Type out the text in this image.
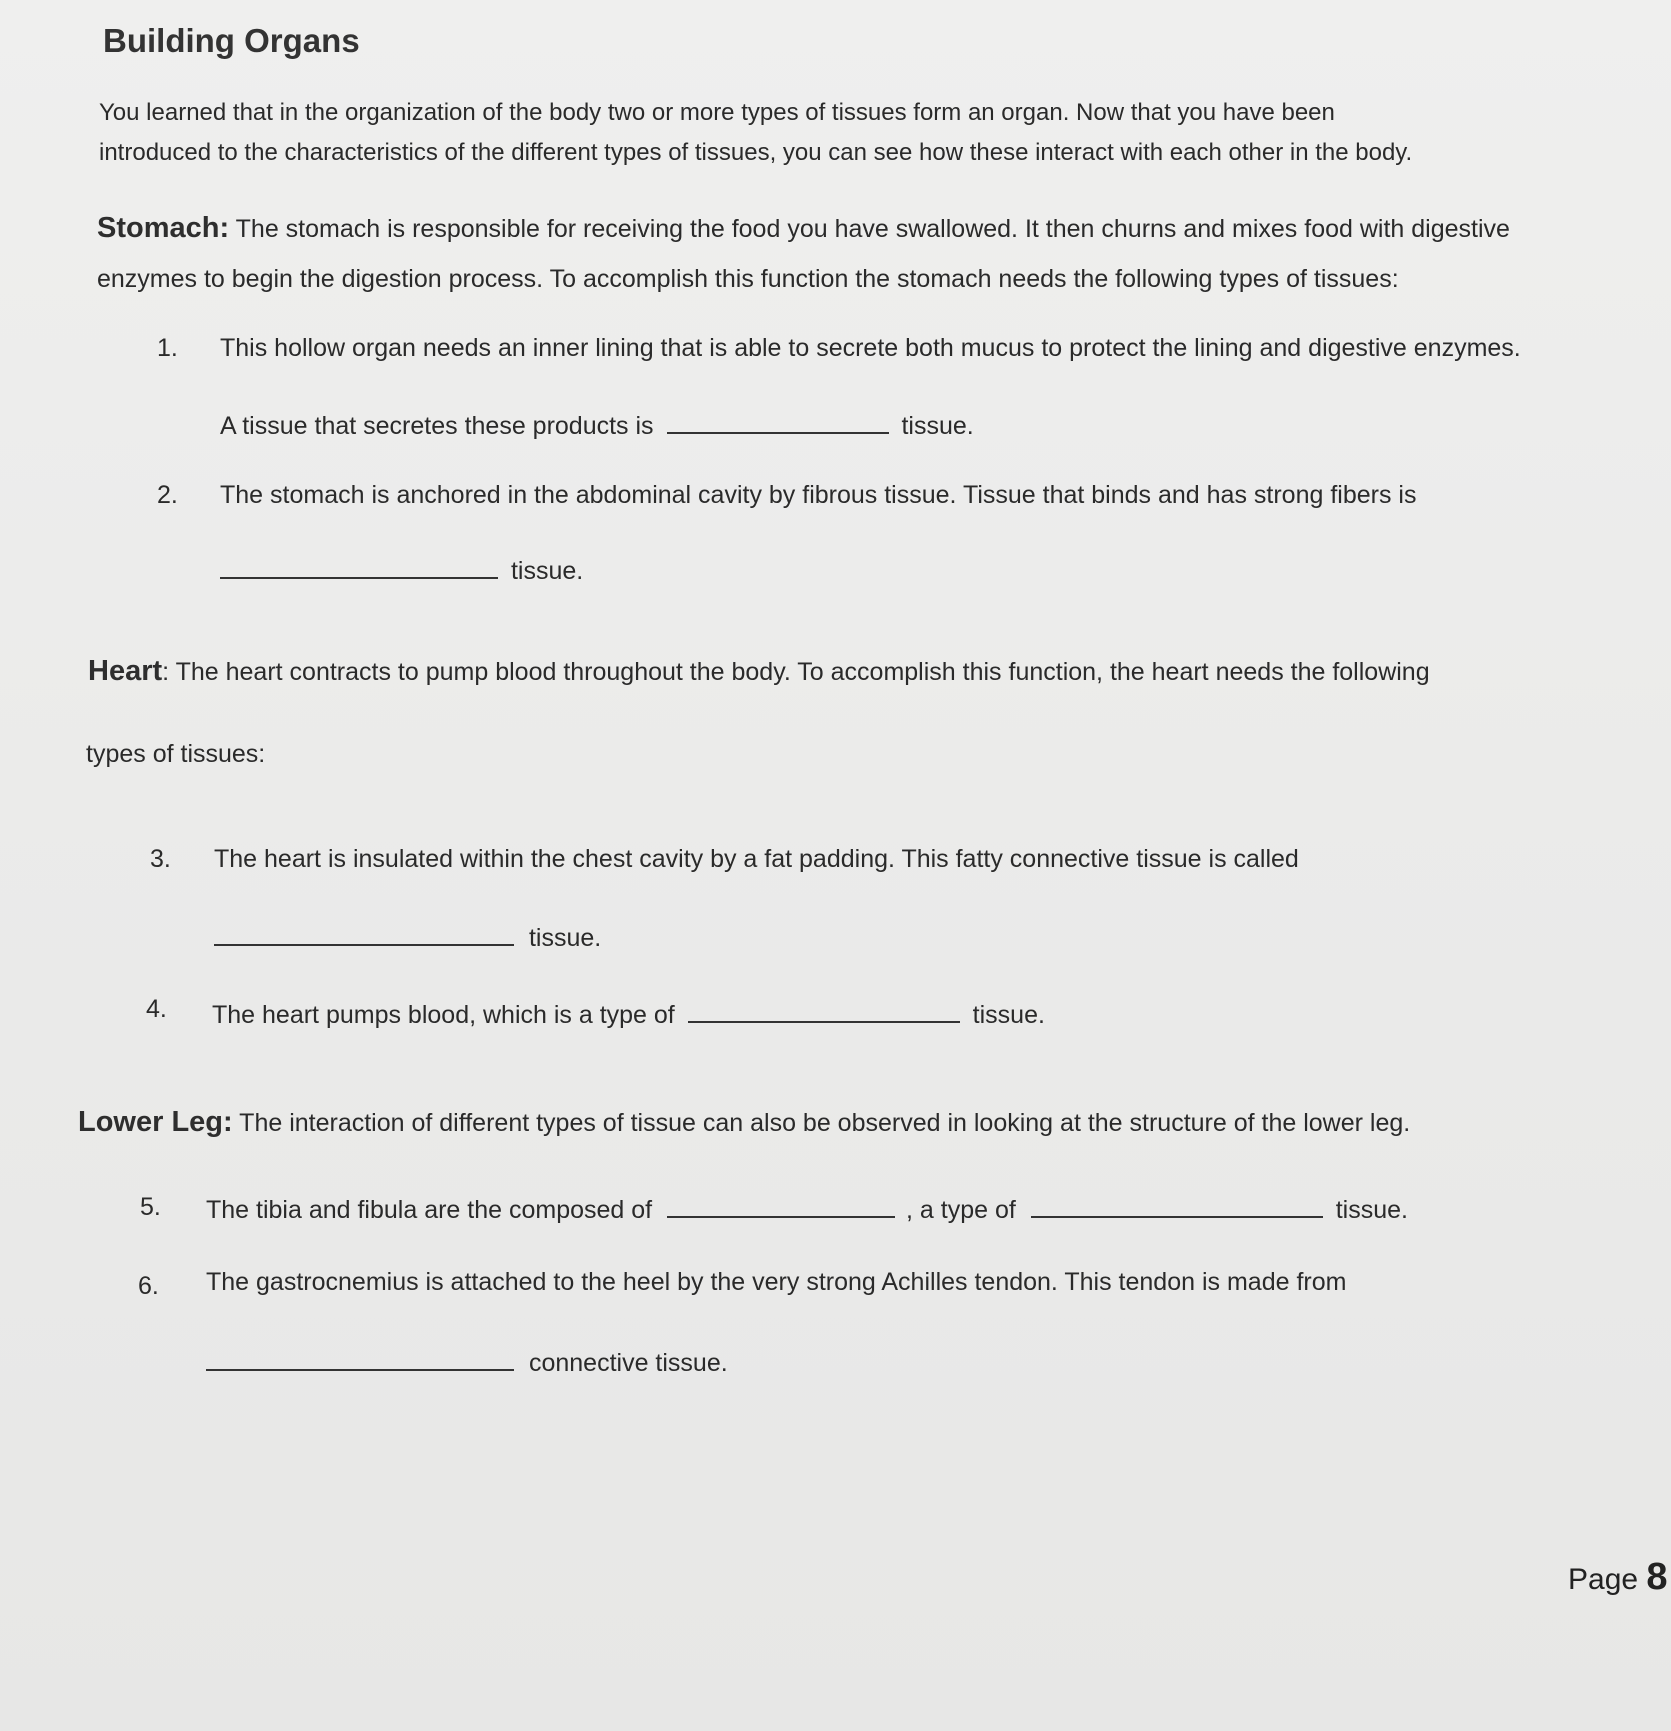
Building Organs
You learned that in the organization of the body two or more types of tissues form an organ. Now that you have been
introduced to the characteristics of the different types of tissues, you can see how these interact with each other in the body.
Stomach: The stomach is responsible for receiving the food you have swallowed. It then churns and mixes food with digestive
enzymes to begin the digestion process. To accomplish this function the stomach needs the following types of tissues:
1. This hollow organ needs an inner lining that is able to secrete both mucus to protect the lining and digestive enzymes.
A tissue that secretes these products is	tissue.
2. The stomach is anchored in the abdominal cavity by fibrous tissue. Tissue that binds and has strong fibers is
tissue.
Heart: The heart contracts to pump blood throughout the body. To accomplish this function, the heart needs the following
types of tissues:
3. The heart is insulated within the chest cavity by a fat padding. This fatty connective tissue is called
tissue.
4. The heart pumps blood, which is a type of	tissue.
Lower Leg: The interaction of different types of tissue can also be observed in looking at the structure of the lower leg.
5. The tibia and fibula are the composed of	, a type of	tissue.
6. The gastrocnemius is attached to the heel by the very strong Achilles tendon. This tendon is made from
connective tissue.
Page 8
